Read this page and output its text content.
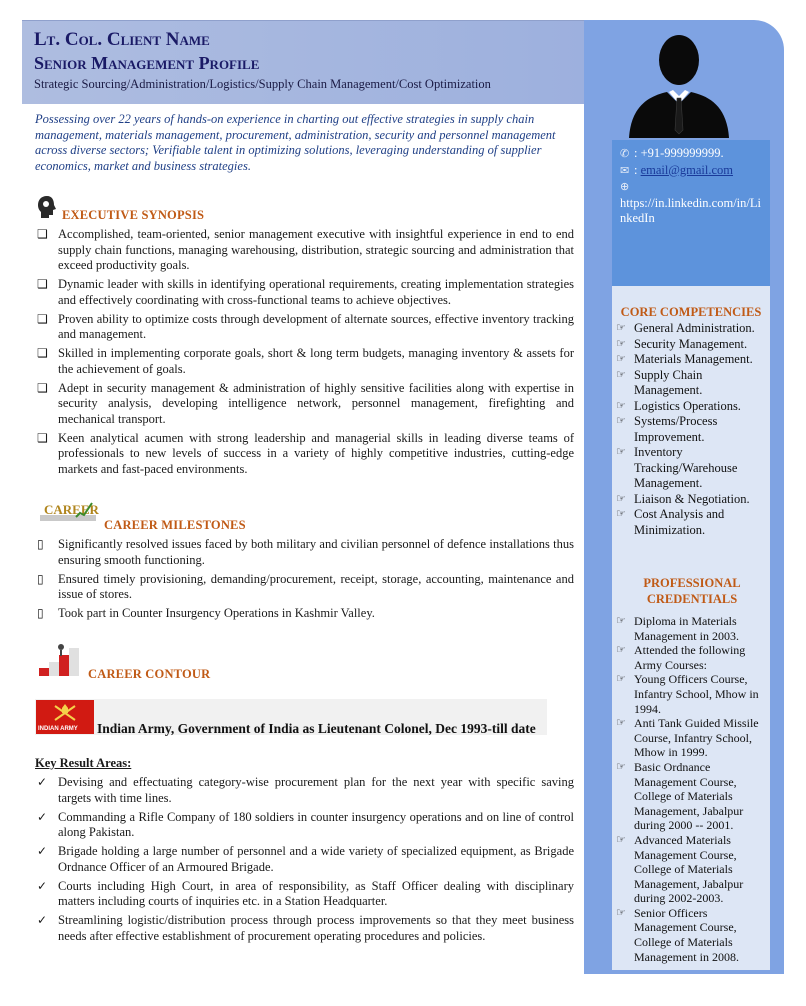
✆ : +91-999999999.
✉ : email@gmail.com
⊕
https://in.linkedin.com/in/LinkedIn
CORE COMPETENCIES
☞ General Administration.
☞ Security Management.
☞ Materials Management.
☞ Supply Chain Management.
☞ Logistics Operations.
☞ Systems/Process Improvement.
☞ Inventory Tracking/Warehouse Management.
☞ Liaison & Negotiation.
☞ Cost Analysis and Minimization.
PROFESSIONAL CREDENTIALS
☞ Diploma in Materials Management in 2003.
☞ Attended the following Army Courses:
☞ Young Officers Course, Infantry School, Mhow in 1994.
☞ Anti Tank Guided Missile Course, Infantry School, Mhow in 1999.
☞ Basic Ordnance Management Course, College of Materials Management, Jabalpur during 2000 -- 2001.
☞ Advanced Materials Management Course, College of Materials Management, Jabalpur during 2002-2003.
☞ Senior Officers Management Course, College of Materials Management in 2008.
Lt. Col. Client Name
Senior Management Profile
Strategic Sourcing/Administration/Logistics/Supply Chain Management/Cost Optimization
Possessing over 22 years of hands-on experience in charting out effective strategies in supply chain management, materials management, procurement, administration, security and personnel management across diverse sectors; Verifiable talent in optimizing solutions, leveraging understanding of supplier economics, market and business strategies.
EXECUTIVE SYNOPSIS
❑ Accomplished, team-oriented, senior management executive with insightful experience in end to end supply chain functions, managing warehousing, distribution, strategic sourcing and administration that exceed productivity goals.
❑ Dynamic leader with skills in identifying operational requirements, creating implementation strategies and effectively coordinating with cross-functional teams to achieve objectives.
❑ Proven ability to optimize costs through development of alternate sources, effective inventory tracking and management.
❑ Skilled in implementing corporate goals, short & long term budgets, managing inventory & assets for the achievement of goals.
❑ Adept in security management & administration of highly sensitive facilities along with expertise in security analysis, developing intelligence network, personnel management, firefighting and mechanical transport.
❑ Keen analytical acumen with strong leadership and managerial skills in leading diverse teams of professionals to new levels of success in a variety of highly competitive industries, cutting-edge markets and fast-paced environments.
CAREER
CAREER MILESTONES
▯ Significantly resolved issues faced by both military and civilian personnel of defence installations thus ensuring smooth functioning.
▯ Ensured timely provisioning, demanding/procurement, receipt, storage, accounting, maintenance and issue of stores.
▯ Took part in Counter Insurgency Operations in Kashmir Valley.
CAREER CONTOUR
INDIAN ARMY Indian Army, Government of India as Lieutenant Colonel, Dec 1993-till date
Key Result Areas:
✓ Devising and effectuating category-wise procurement plan for the next year with specific saving targets with time lines.
✓ Commanding a Rifle Company of 180 soldiers in counter insurgency operations and on line of control along Pakistan.
✓ Brigade holding a large number of personnel and a wide variety of specialized equipment, as Brigade Ordnance Officer of an Armoured Brigade.
✓ Courts including High Court, in area of responsibility, as Staff Officer dealing with disciplinary matters including courts of inquiries etc. in a Station Headquarter.
✓ Streamlining logistic/distribution process through process improvements so that they meet business needs after effective establishment of procurement operating procedures and policies.
